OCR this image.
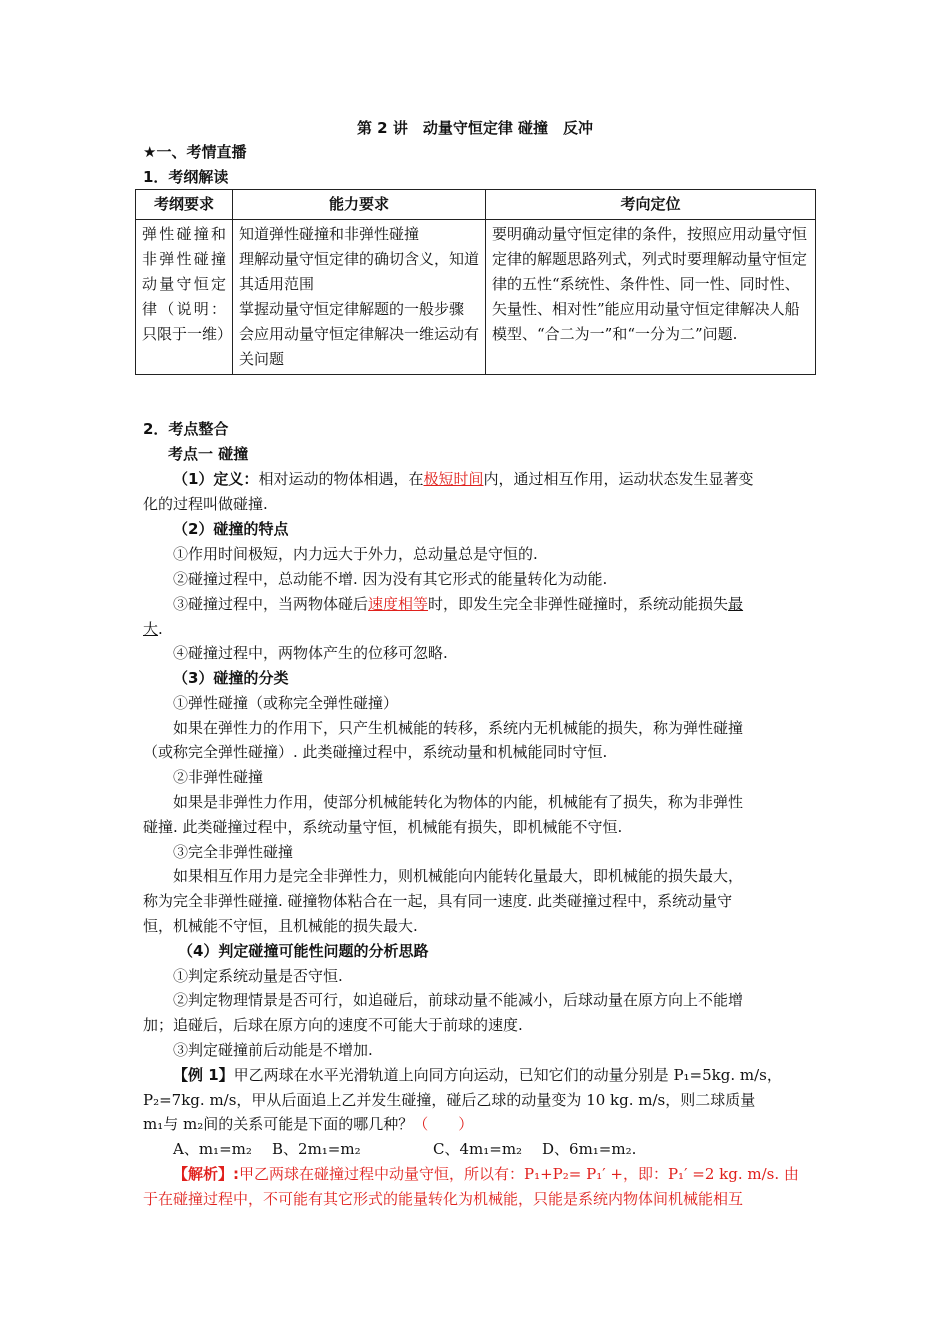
第 2 讲　动量守恒定律 碰撞　反冲
★一、考情直播
1．考纲解读
考纲要求	能力要求	考向定位
弹性碰撞和非弹性碰撞 动量守恒定律（说明：只限于一维）	知道弹性碰撞和非弹性碰撞
理解动量守恒定律的确切含义，知道其适用范围
掌握动量守恒定律解题的一般步骤
会应用动量守恒定律解决一维运动有关问题	要明确动量守恒定律的条件，按照应用动量守恒定律的解题思路列式，列式时要理解动量守恒定律的五性“系统性、条件性、同一性、同时性、矢量性、相对性”能应用动量守恒定律解决人船模型、“合二为一”和“一分为二”问题.
2．考点整合
考点一 碰撞
（1）定义：相对运动的物体相遇，在极短时间内，通过相互作用，运动状态发生显著变
化的过程叫做碰撞.
（2）碰撞的特点
①作用时间极短，内力远大于外力，总动量总是守恒的.
②碰撞过程中，总动能不增. 因为没有其它形式的能量转化为动能.
③碰撞过程中，当两物体碰后速度相等时，即发生完全非弹性碰撞时，系统动能损失最
大.
④碰撞过程中，两物体产生的位移可忽略.
（3）碰撞的分类
①弹性碰撞（或称完全弹性碰撞）
如果在弹性力的作用下，只产生机械能的转移，系统内无机械能的损失，称为弹性碰撞
（或称完全弹性碰撞）. 此类碰撞过程中，系统动量和机械能同时守恒.
②非弹性碰撞
如果是非弹性力作用，使部分机械能转化为物体的内能，机械能有了损失，称为非弹性
碰撞. 此类碰撞过程中，系统动量守恒，机械能有损失，即机械能不守恒.
③完全非弹性碰撞
如果相互作用力是完全非弹性力，则机械能向内能转化量最大，即机械能的损失最大，
称为完全非弹性碰撞. 碰撞物体粘合在一起，具有同一速度. 此类碰撞过程中，系统动量守
恒，机械能不守恒，且机械能的损失最大.
（4）判定碰撞可能性问题的分析思路
①判定系统动量是否守恒.
②判定物理情景是否可行，如追碰后，前球动量不能减小，后球动量在原方向上不能增
加；追碰后，后球在原方向的速度不可能大于前球的速度.
③判定碰撞前后动能是不增加.
【例 1】甲乙两球在水平光滑轨道上向同方向运动，已知它们的动量分别是 P₁=5kg. m/s，
P₂=7kg. m/s，甲从后面追上乙并发生碰撞，碰后乙球的动量变为 10 kg. m/s，则二球质量
m₁与 m₂间的关系可能是下面的哪几种？（　　）
A、m₁=m₂ B、2m₁=m₂	C、4m₁=m₂ D、6m₁=m₂.
【解析】:甲乙两球在碰撞过程中动量守恒，所以有：P₁+P₂= P₁′ +，即：P₁′ =2 kg. m/s. 由
于在碰撞过程中，不可能有其它形式的能量转化为机械能，只能是系统内物体间机械能相互
